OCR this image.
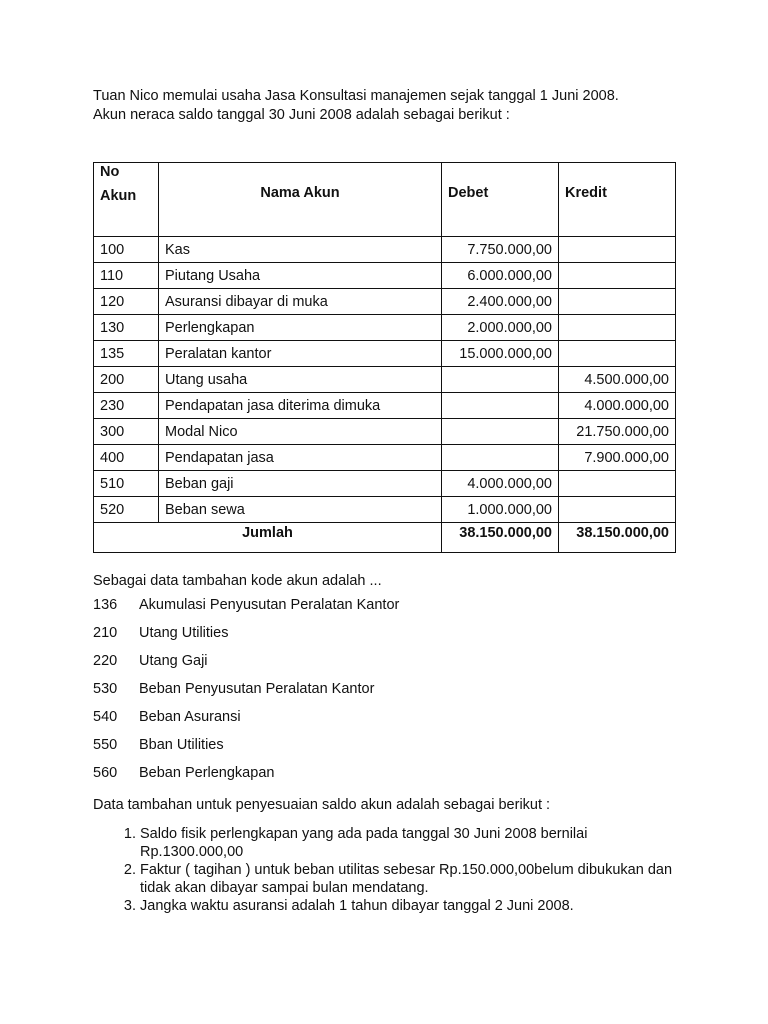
Tuan Nico memulai usaha Jasa Konsultasi manajemen sejak tanggal 1 Juni 2008.

Akun neraca saldo tanggal 30 Juni 2008 adalah sebagai berikut :

No
Akun	Nama Akun	Debet	Kredit

100	Kas	7.750.000,00	
110	Piutang Usaha	6.000.000,00	
120	Asuransi dibayar di muka	2.400.000,00	
130	Perlengkapan	2.000.000,00	
135	Peralatan kantor	15.000.000,00	
200	Utang usaha		4.500.000,00
230	Pendapatan jasa diterima dimuka		4.000.000,00
300	Modal Nico		21.750.000,00
400	Pendapatan jasa		7.900.000,00
510	Beban gaji	4.000.000,00	
520	Beban sewa	1.000.000,00	
Jumlah		38.150.000,00	38.150.000,00

Sebagai data tambahan kode akun adalah ...

136	Akumulasi Penyusutan Peralatan Kantor
210	Utang Utilities
220	Utang Gaji
530	Beban Penyusutan Peralatan Kantor
540	Beban Asuransi
550	Bban Utilities
560	Beban Perlengkapan

Data tambahan untuk penyesuaian saldo akun adalah sebagai berikut :

1. Saldo fisik perlengkapan yang ada pada tanggal 30 Juni 2008 bernilai Rp.1300.000,00
2. Faktur ( tagihan ) untuk beban utilitas sebesar Rp.150.000,00belum dibukukan dan tidak akan dibayar sampai bulan mendatang.
3. Jangka waktu asuransi adalah 1 tahun dibayar tanggal 2 Juni 2008.
